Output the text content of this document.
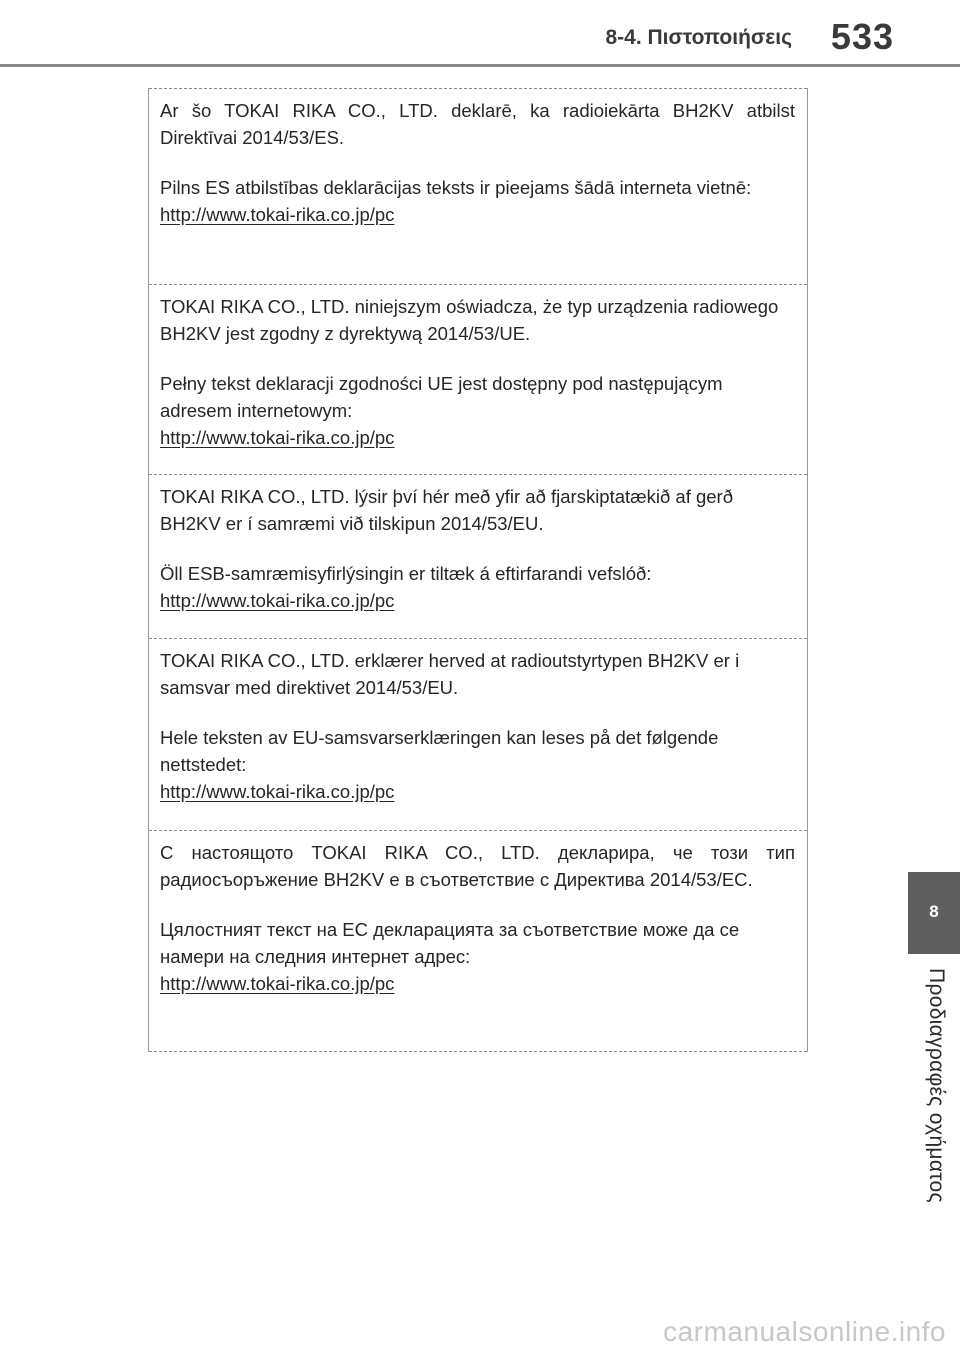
8-4. Πιστοποιήσεις 533

Ar šo TOKAI RIKA CO., LTD. deklarē, ka radioiekārta BH2KV atbilst Direktīvai 2014/53/ES.

Pilns ES atbilstības deklarācijas teksts ir pieejams šādā interneta vietnē:

http://www.tokai-rika.co.jp/pc

TOKAI RIKA CO., LTD. niniejszym oświadcza, że typ urządzenia radiowego BH2KV jest zgodny z dyrektywą 2014/53/UE.

Pełny tekst deklaracji zgodności UE jest dostępny pod następującym adresem internetowym:

http://www.tokai-rika.co.jp/pc

TOKAI RIKA CO., LTD. lýsir því hér með yfir að fjarskiptatækið af gerð BH2KV er í samræmi við tilskipun 2014/53/EU.

Öll ESB-samræmisyfirlýsingin er tiltæk á eftirfarandi vefslóð:

http://www.tokai-rika.co.jp/pc

TOKAI RIKA CO., LTD. erklærer herved at radioutstyrtypen BH2KV er i samsvar med direktivet 2014/53/EU.

Hele teksten av EU-samsvarserklæringen kan leses på det følgende nettstedet:

http://www.tokai-rika.co.jp/pc

С настоящото TOKAI RIKA CO., LTD. декларира, че този тип радиосъоръжение BH2KV е в съответствие с Директива 2014/53/ЕС.

Цялостният текст на ЕС декларацията за съответствие може да се намери на следния интернет адрес:

http://www.tokai-rika.co.jp/pc
8
Προδιαγραφές οχήματος
carmanualsonline.info
